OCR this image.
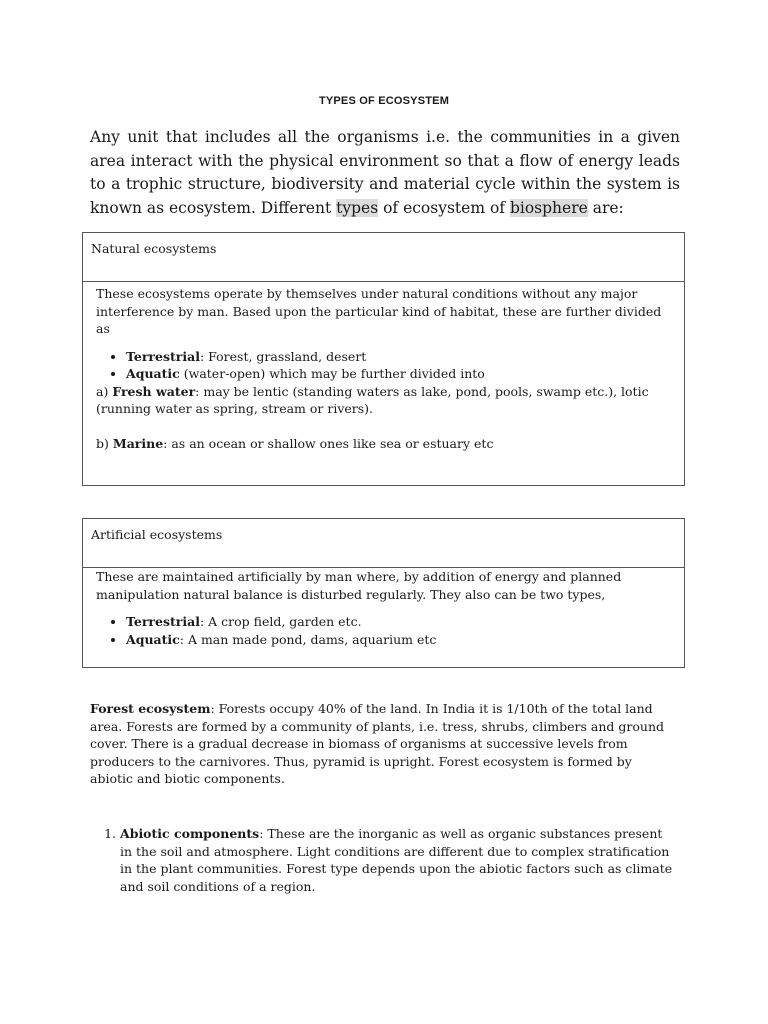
TYPES OF ECOSYSTEM
Any unit that includes all the organisms i.e. the communities in a given area interact with the physical environment so that a flow of energy leads to a trophic structure, biodiversity and material cycle within the system is known as ecosystem. Different types of ecosystem of biosphere are:
Natural ecosystems

These ecosystems operate by themselves under natural conditions without any major interference by man. Based upon the particular kind of habitat, these are further divided as

• Terrestrial: Forest, grassland, desert
• Aquatic (water-open) which may be further divided into

a) Fresh water: may be lentic (standing waters as lake, pond, pools, swamp etc.), lotic (running water as spring, stream or rivers).

b) Marine: as an ocean or shallow ones like sea or estuary etc

Artificial ecosystems

These are maintained artificially by man where, by addition of energy and planned manipulation natural balance is disturbed regularly. They also can be two types,

• Terrestrial: A crop field, garden etc.
• Aquatic: A man made pond, dams, aquarium etc

Forest ecosystem: Forests occupy 40% of the land. In India it is 1/10th of the total land area. Forests are formed by a community of plants, i.e. tress, shrubs, climbers and ground cover. There is a gradual decrease in biomass of organisms at successive levels from producers to the carnivores. Thus, pyramid is upright. Forest ecosystem is formed by abiotic and biotic components.

1. Abiotic components: These are the inorganic as well as organic substances present in the soil and atmosphere. Light conditions are different due to complex stratification in the plant communities. Forest type depends upon the abiotic factors such as climate and soil conditions of a region.
